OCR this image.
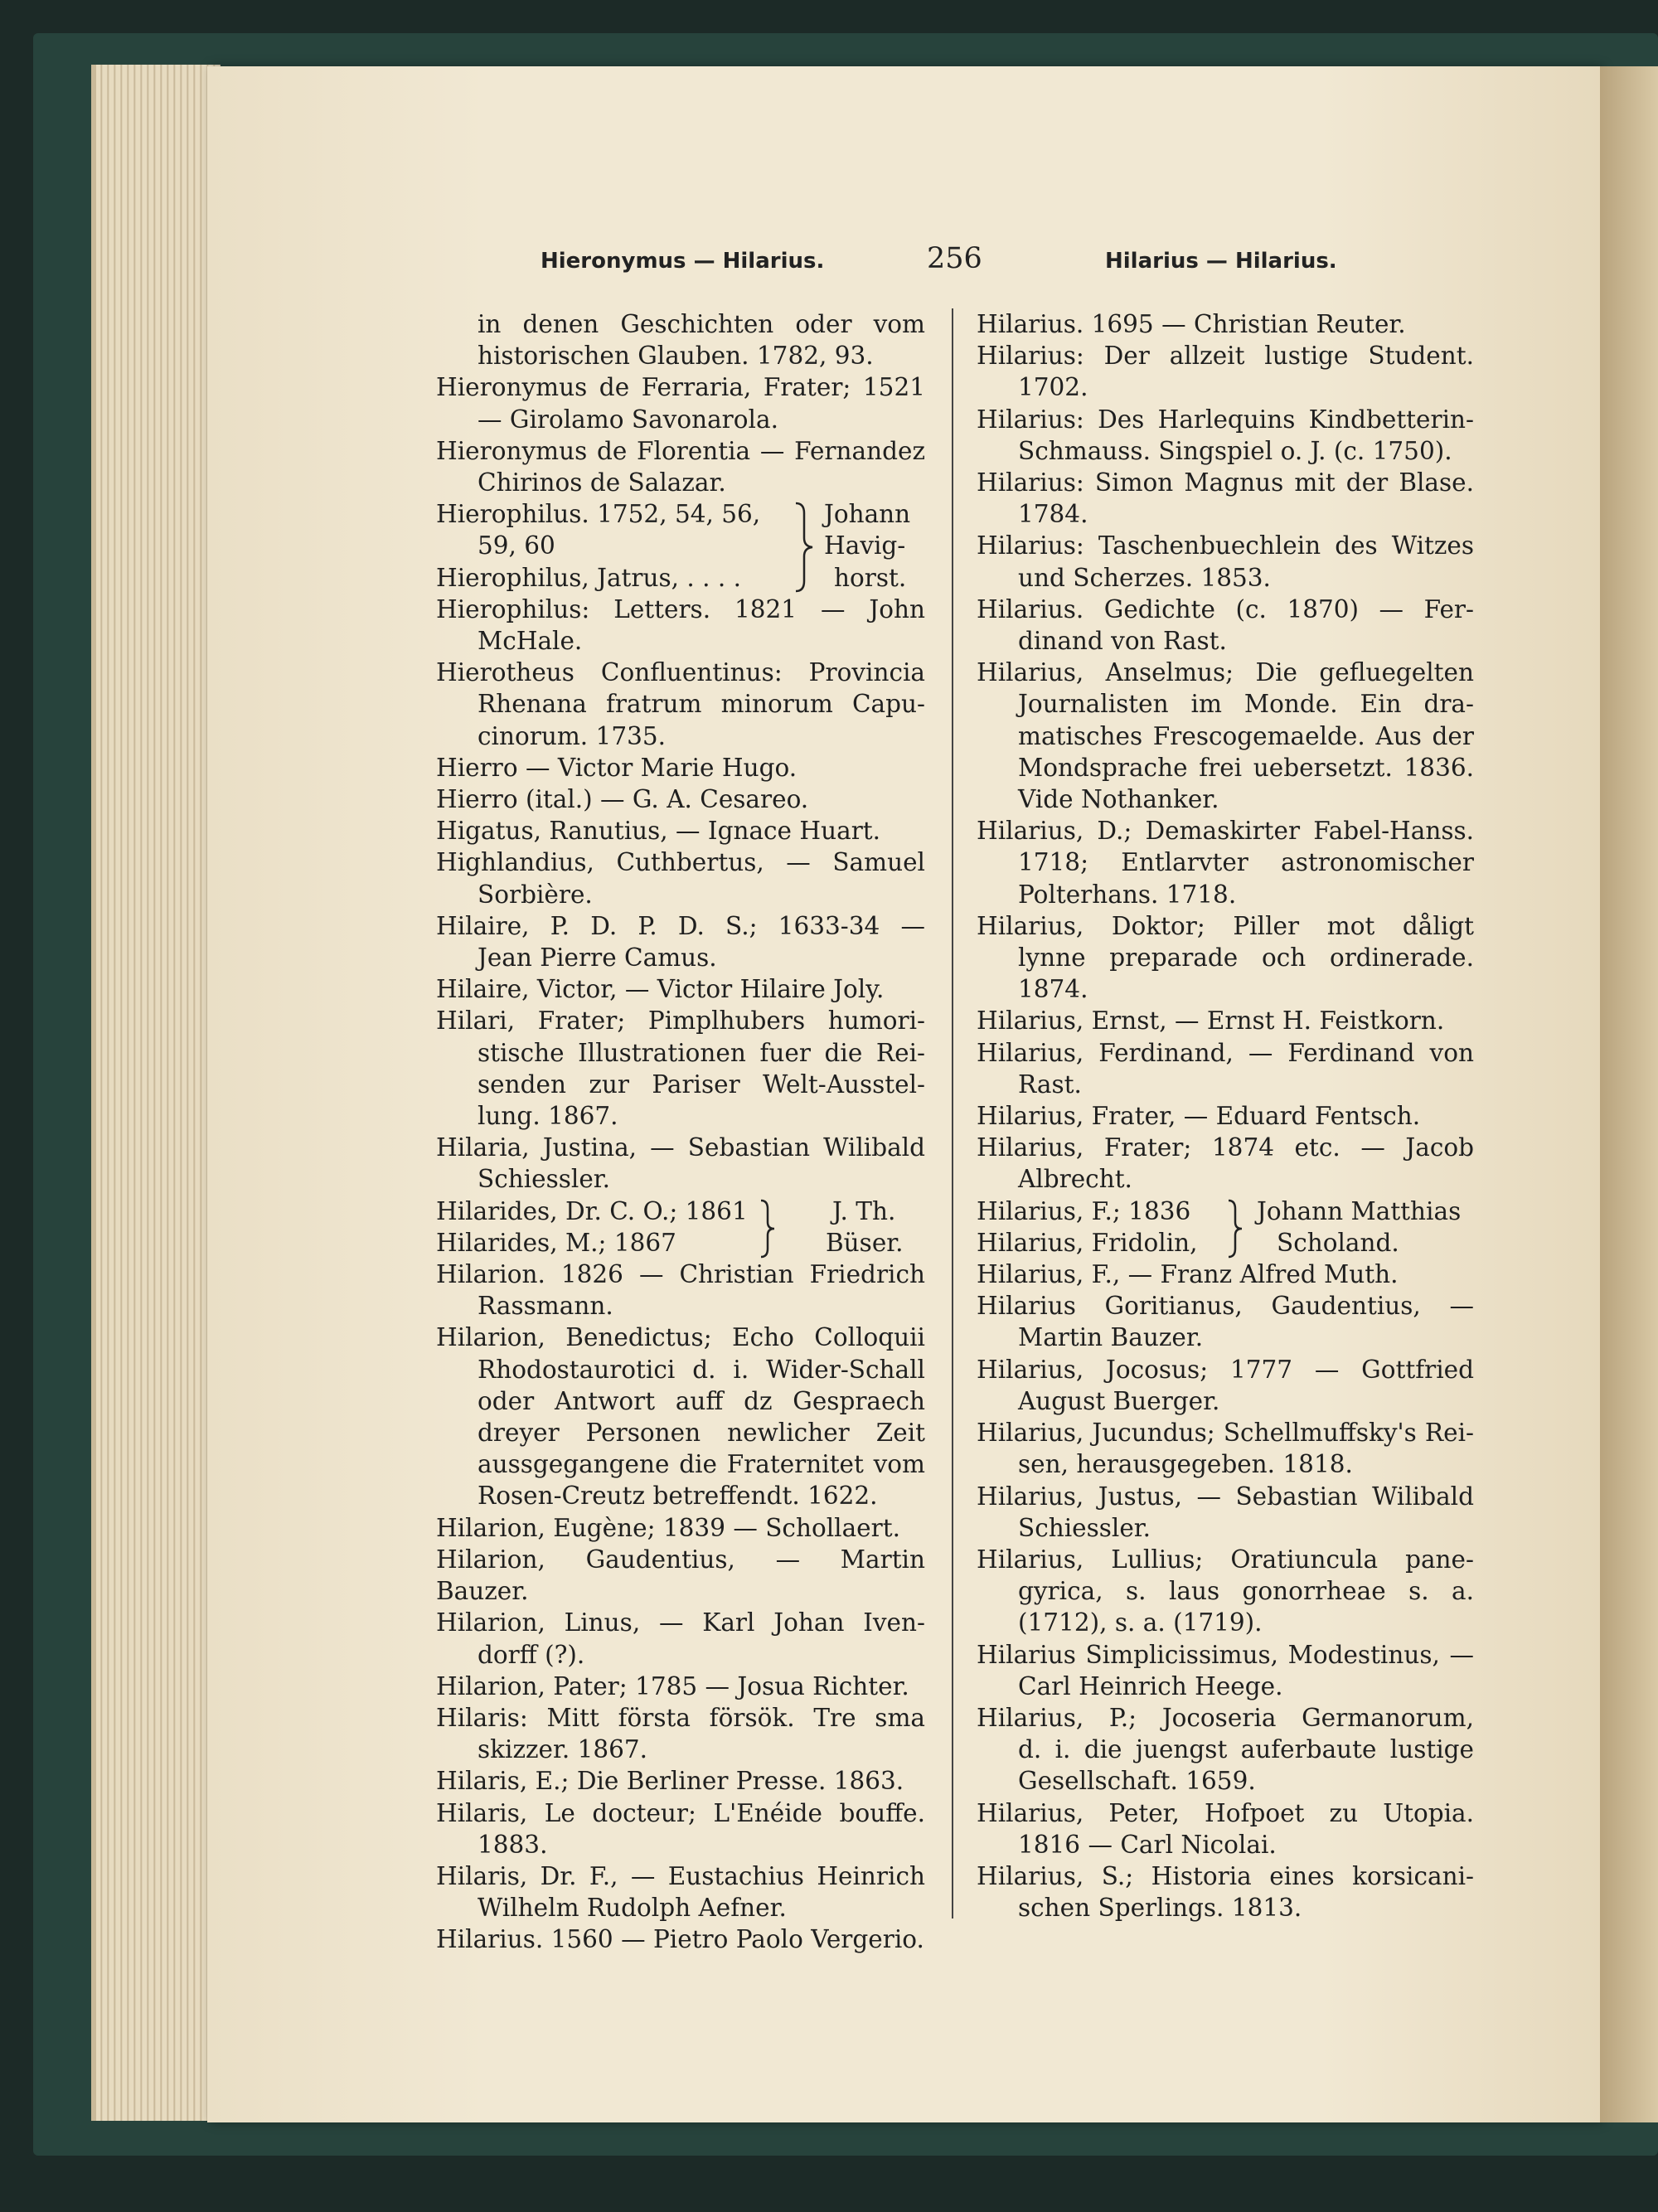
Hieronymus — Hilarius.	256	Hilarius — Hilarius.
in denen Geschichten oder vom
historischen Glauben. 1782, 93.
Hieronymus de Ferraria, Frater; 1521
— Girolamo Savonarola.
Hieronymus de Florentia — Fernandez
Chirinos de Salazar.
Hierophilus. 1752, 54, 56,
59, 60
Hierophilus, Jatrus, . . . .
Johann
Havig-
horst.
Hierophilus: Letters. 1821 — John
McHale.
Hierotheus Confluentinus: Provincia
Rhenana fratrum minorum Capu-
cinorum. 1735.
Hierro — Victor Marie Hugo.
Hierro (ital.) — G. A. Cesareo.
Higatus, Ranutius, — Ignace Huart.
Highlandius, Cuthbertus, — Samuel
Sorbière.
Hilaire, P. D. P. D. S.; 1633-34 —
Jean Pierre Camus.
Hilaire, Victor, — Victor Hilaire Joly.
Hilari, Frater; Pimplhubers humori-
stische Illustrationen fuer die Rei-
senden zur Pariser Welt-Ausstel-
lung. 1867.
Hilaria, Justina, — Sebastian Wilibald
Schiessler.
Hilarides, Dr. C. O.; 1861
Hilarides, M.; 1867
J. Th.
Büser.
Hilarion. 1826 — Christian Friedrich
Rassmann.
Hilarion, Benedictus; Echo Colloquii
Rhodostaurotici d. i. Wider-Schall
oder Antwort auff dz Gespraech
dreyer Personen newlicher Zeit
aussgegangene die Fraternitet vom
Rosen-Creutz betreffendt. 1622.
Hilarion, Eugène; 1839 — Schollaert.
Hilarion, Gaudentius, — Martin Bauzer.
Hilarion, Linus, — Karl Johan Iven-
dorff (?).
Hilarion, Pater; 1785 — Josua Richter.
Hilaris: Mitt första försök. Tre sma
skizzer. 1867.
Hilaris, E.; Die Berliner Presse. 1863.
Hilaris, Le docteur; L'Enéide bouffe.
1883.
Hilaris, Dr. F., — Eustachius Heinrich
Wilhelm Rudolph Aefner.
Hilarius. 1560 — Pietro Paolo Vergerio.
Hilarius. 1695 — Christian Reuter.
Hilarius: Der allzeit lustige Student.
1702.
Hilarius: Des Harlequins Kindbetterin-
Schmauss. Singspiel o. J. (c. 1750).
Hilarius: Simon Magnus mit der Blase.
1784.
Hilarius: Taschenbuechlein des Witzes
und Scherzes. 1853.
Hilarius. Gedichte (c. 1870) — Fer-
dinand von Rast.
Hilarius, Anselmus; Die gefluegelten
Journalisten im Monde. Ein dra-
matisches Frescogemaelde. Aus der
Mondsprache frei uebersetzt. 1836.
Vide Nothanker.
Hilarius, D.; Demaskirter Fabel-Hanss.
1718; Entlarvter astronomischer
Polterhans. 1718.
Hilarius, Doktor; Piller mot dåligt
lynne preparade och ordinerade.
1874.
Hilarius, Ernst, — Ernst H. Feistkorn.
Hilarius, Ferdinand, — Ferdinand von
Rast.
Hilarius, Frater, — Eduard Fentsch.
Hilarius, Frater; 1874 etc. — Jacob
Albrecht.
Hilarius, F.; 1836
Hilarius, Fridolin,
Johann Matthias
Scholand.
Hilarius, F., — Franz Alfred Muth.
Hilarius Goritianus, Gaudentius, —
Martin Bauzer.
Hilarius, Jocosus; 1777 — Gottfried
August Buerger.
Hilarius, Jucundus; Schellmuffsky's Rei-
sen, herausgegeben. 1818.
Hilarius, Justus, — Sebastian Wilibald
Schiessler.
Hilarius, Lullius; Oratiuncula pane-
gyrica, s. laus gonorrheae s. a.
(1712), s. a. (1719).
Hilarius Simplicissimus, Modestinus, —
Carl Heinrich Heege.
Hilarius, P.; Jocoseria Germanorum,
d. i. die juengst auferbaute lustige
Gesellschaft. 1659.
Hilarius, Peter, Hofpoet zu Utopia.
1816 — Carl Nicolai.
Hilarius, S.; Historia eines korsicani-
schen Sperlings. 1813.
